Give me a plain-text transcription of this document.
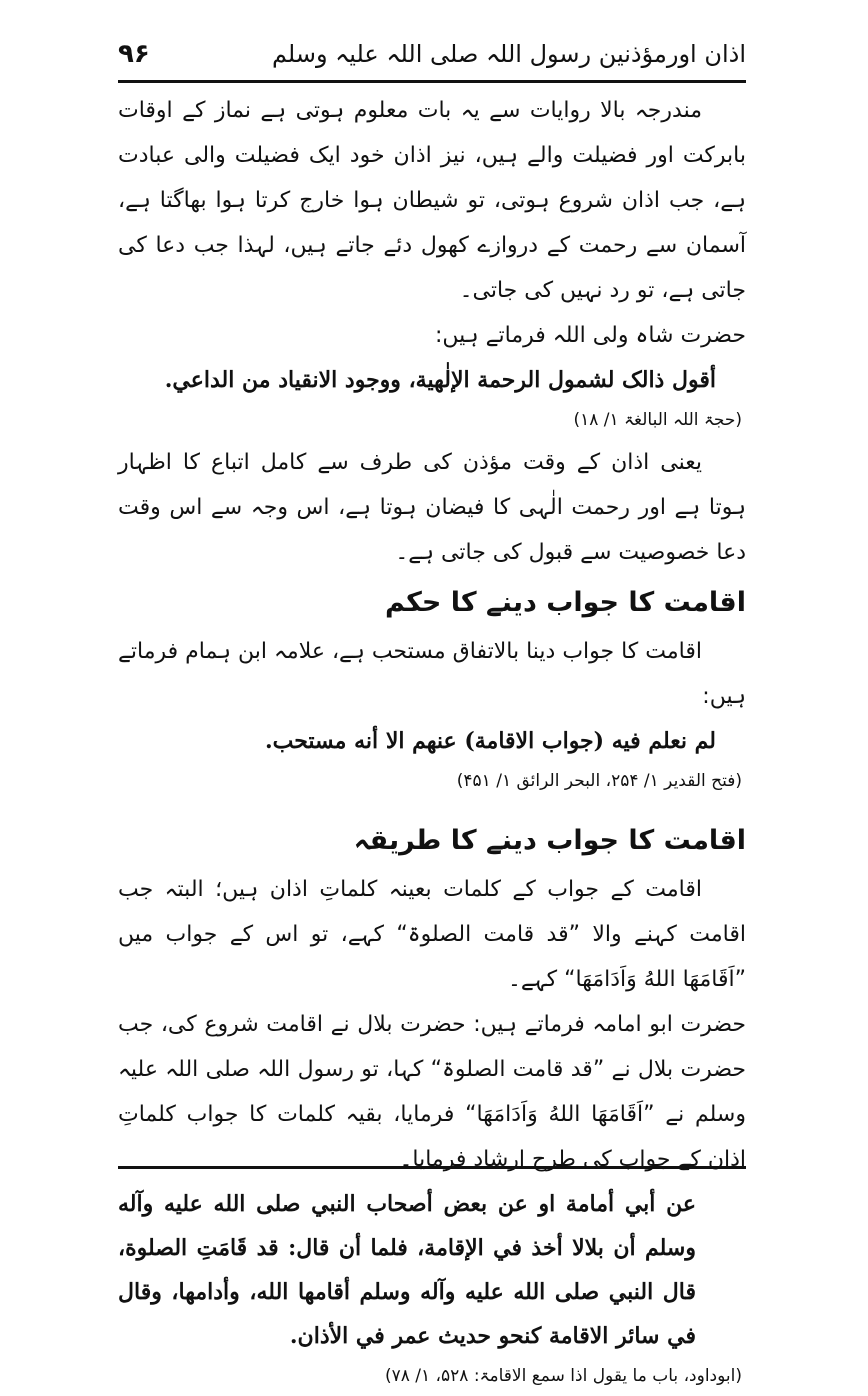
۹۶	اذان اورمؤذنین رسول اللہ صلی اللہ علیہ وسلم

مندرجہ بالا روایات سے یہ بات معلوم ہوتی ہے نماز کے اوقات بابرکت اور فضیلت والے ہیں، نیز اذان خود ایک فضیلت والی عبادت ہے، جب اذان شروع ہوتی، تو شیطان ہوا خارج کرتا ہوا بھاگتا ہے، آسمان سے رحمت کے دروازے کھول دئے جاتے ہیں، لہذا جب دعا کی جاتی ہے، تو رد نہیں کی جاتی۔

حضرت شاہ ولی اللہ فرماتے ہیں:

أقول ذالک لشمول الرحمة الإلٰهية، ووجود الانقياد من الداعي.

(حجۃ اللہ البالغۃ ۱/ ۱۸)

یعنی اذان کے وقت مؤذن کی طرف سے کامل اتباع کا اظہار ہوتا ہے اور رحمت الٰہی کا فیضان ہوتا ہے، اس وجہ سے اس وقت دعا خصوصیت سے قبول کی جاتی ہے۔

اقامت کا جواب دینے کا حکم

اقامت کا جواب دینا بالاتفاق مستحب ہے، علامہ ابن ہمام فرماتے ہیں:

لم نعلم فيه (جواب الاقامة) عنهم الا أنه مستحب.

(فتح القدیر ۱/ ۲۵۴، البحر الرائق ۱/ ۴۵۱)

اقامت کا جواب دینے کا طریقہ

اقامت کے جواب کے کلمات بعینہ کلماتِ اذان ہیں؛ البتہ جب اقامت کہنے والا ”قد قامت الصلوۃ“ کہے، تو اس کے جواب میں ”اَقَامَهَا اللهُ وَاَدَامَهَا“ کہے۔

حضرت ابو امامہ فرماتے ہیں: حضرت بلال نے اقامت شروع کی، جب حضرت بلال نے ”قد قامت الصلوۃ“ کہا، تو رسول اللہ صلی اللہ علیہ وسلم نے ”اَقَامَهَا اللهُ وَاَدَامَهَا“ فرمایا، بقیہ کلمات کا جواب کلماتِ اذان کے جواب کی طرح ارشاد فرمایا۔

عن أبي أمامة او عن بعض أصحاب النبي صلى الله عليه وآله وسلم أن بلالا أخذ في الإقامة، فلما أن قال: قد قَامَتِ الصلوة، قال النبي صلى الله عليه وآله وسلم أقامها الله، وأدامها، وقال في سائر الاقامة كنحو حديث عمر في الأذان.

(ابوداود، باب ما یقول اذا سمع الاقامۃ: ۵۲۸، ۱/ ۷۸)
